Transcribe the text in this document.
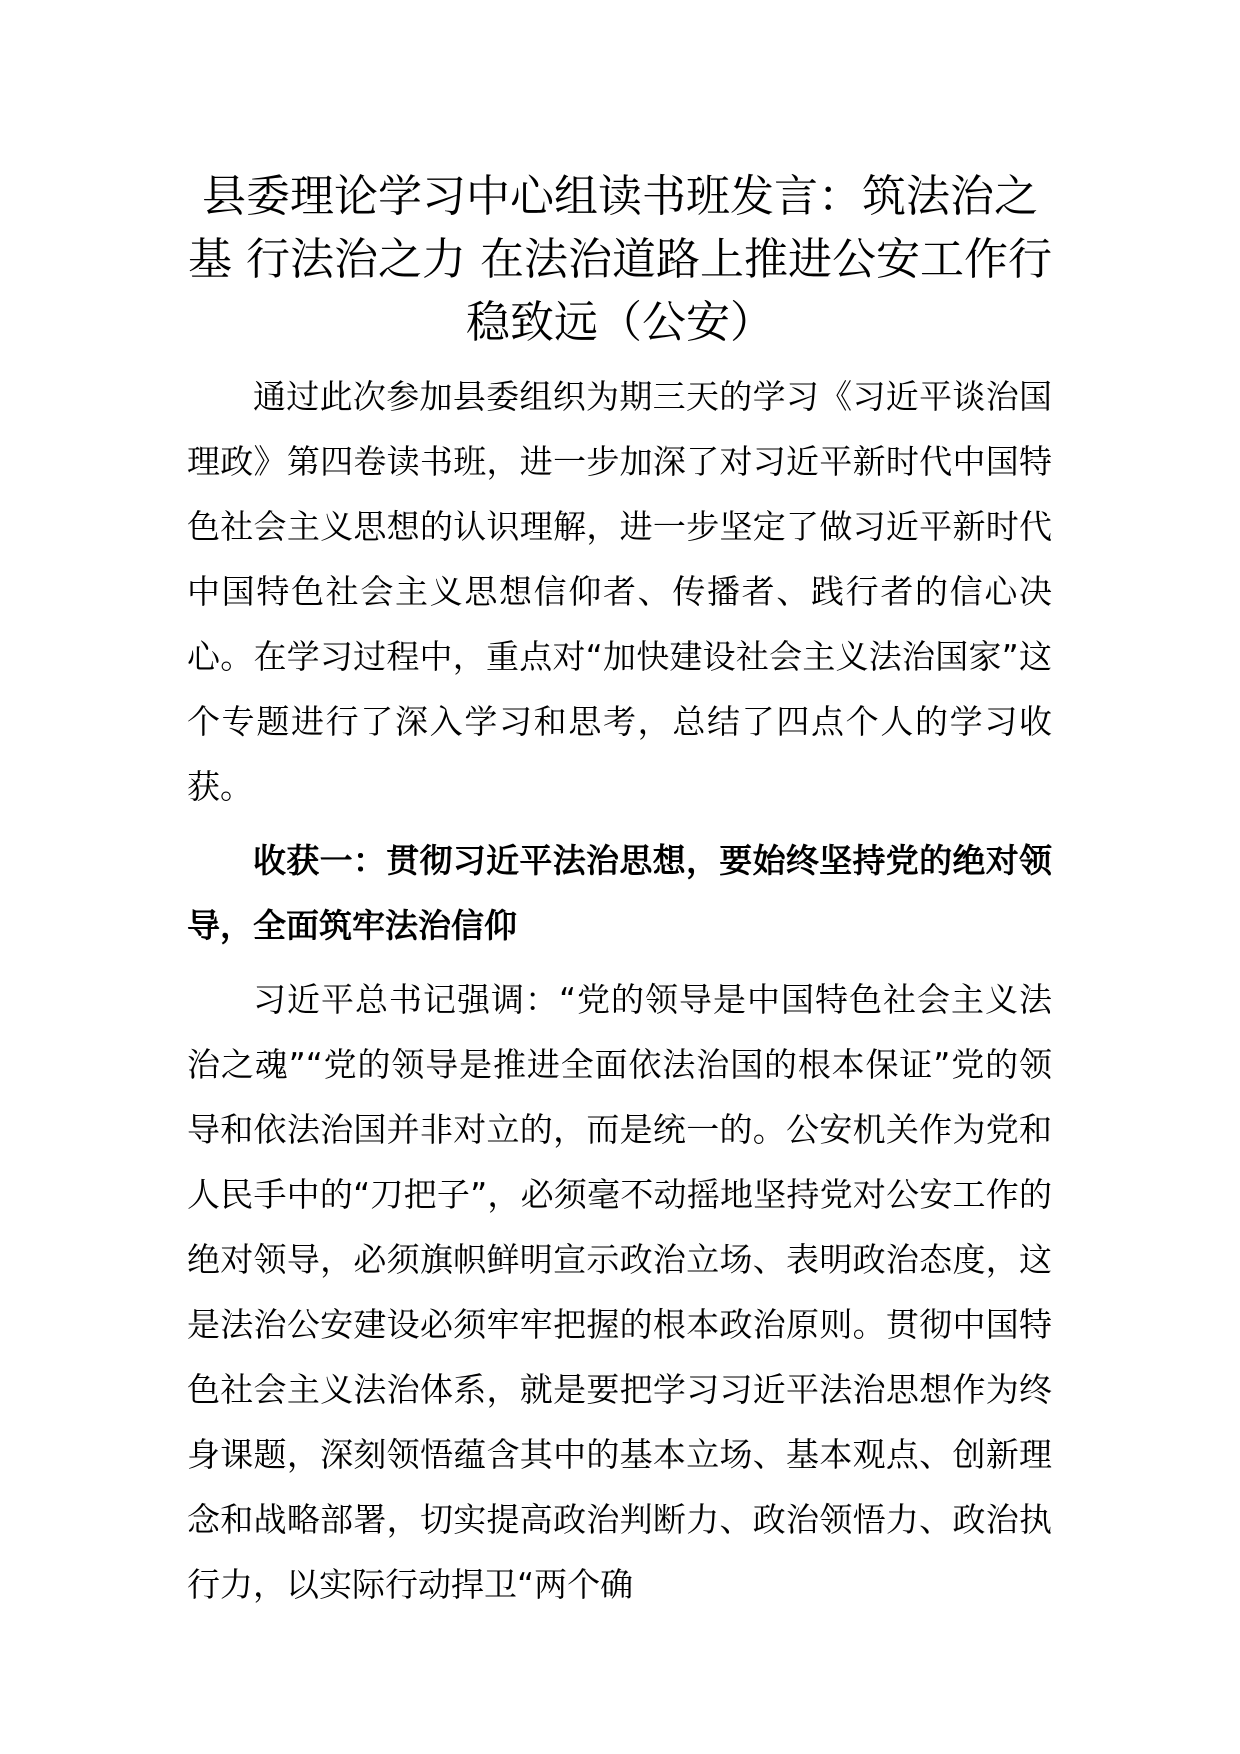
县委理论学习中心组读书班发言：筑法治之基 行法治之力 在法治道路上推进公安工作行稳致远（公安）

通过此次参加县委组织为期三天的学习《习近平谈治国理政》第四卷读书班，进一步加深了对习近平新时代中国特色社会主义思想的认识理解，进一步坚定了做习近平新时代中国特色社会主义思想信仰者、传播者、践行者的信心决心。在学习过程中，重点对“加快建设社会主义法治国家”这个专题进行了深入学习和思考，总结了四点个人的学习收获。

收获一：贯彻习近平法治思想，要始终坚持党的绝对领导，全面筑牢法治信仰

习近平总书记强调：“党的领导是中国特色社会主义法治之魂”“党的领导是推进全面依法治国的根本保证”党的领导和依法治国并非对立的，而是统一的。公安机关作为党和人民手中的“刀把子”，必须毫不动摇地坚持党对公安工作的绝对领导，必须旗帜鲜明宣示政治立场、表明政治态度，这是法治公安建设必须牢牢把握的根本政治原则。贯彻中国特色社会主义法治体系，就是要把学习习近平法治思想作为终身课题，深刻领悟蕴含其中的基本立场、基本观点、创新理念和战略部署，切实提高政治判断力、政治领悟力、政治执行力，以实际行动捍卫“两个确
